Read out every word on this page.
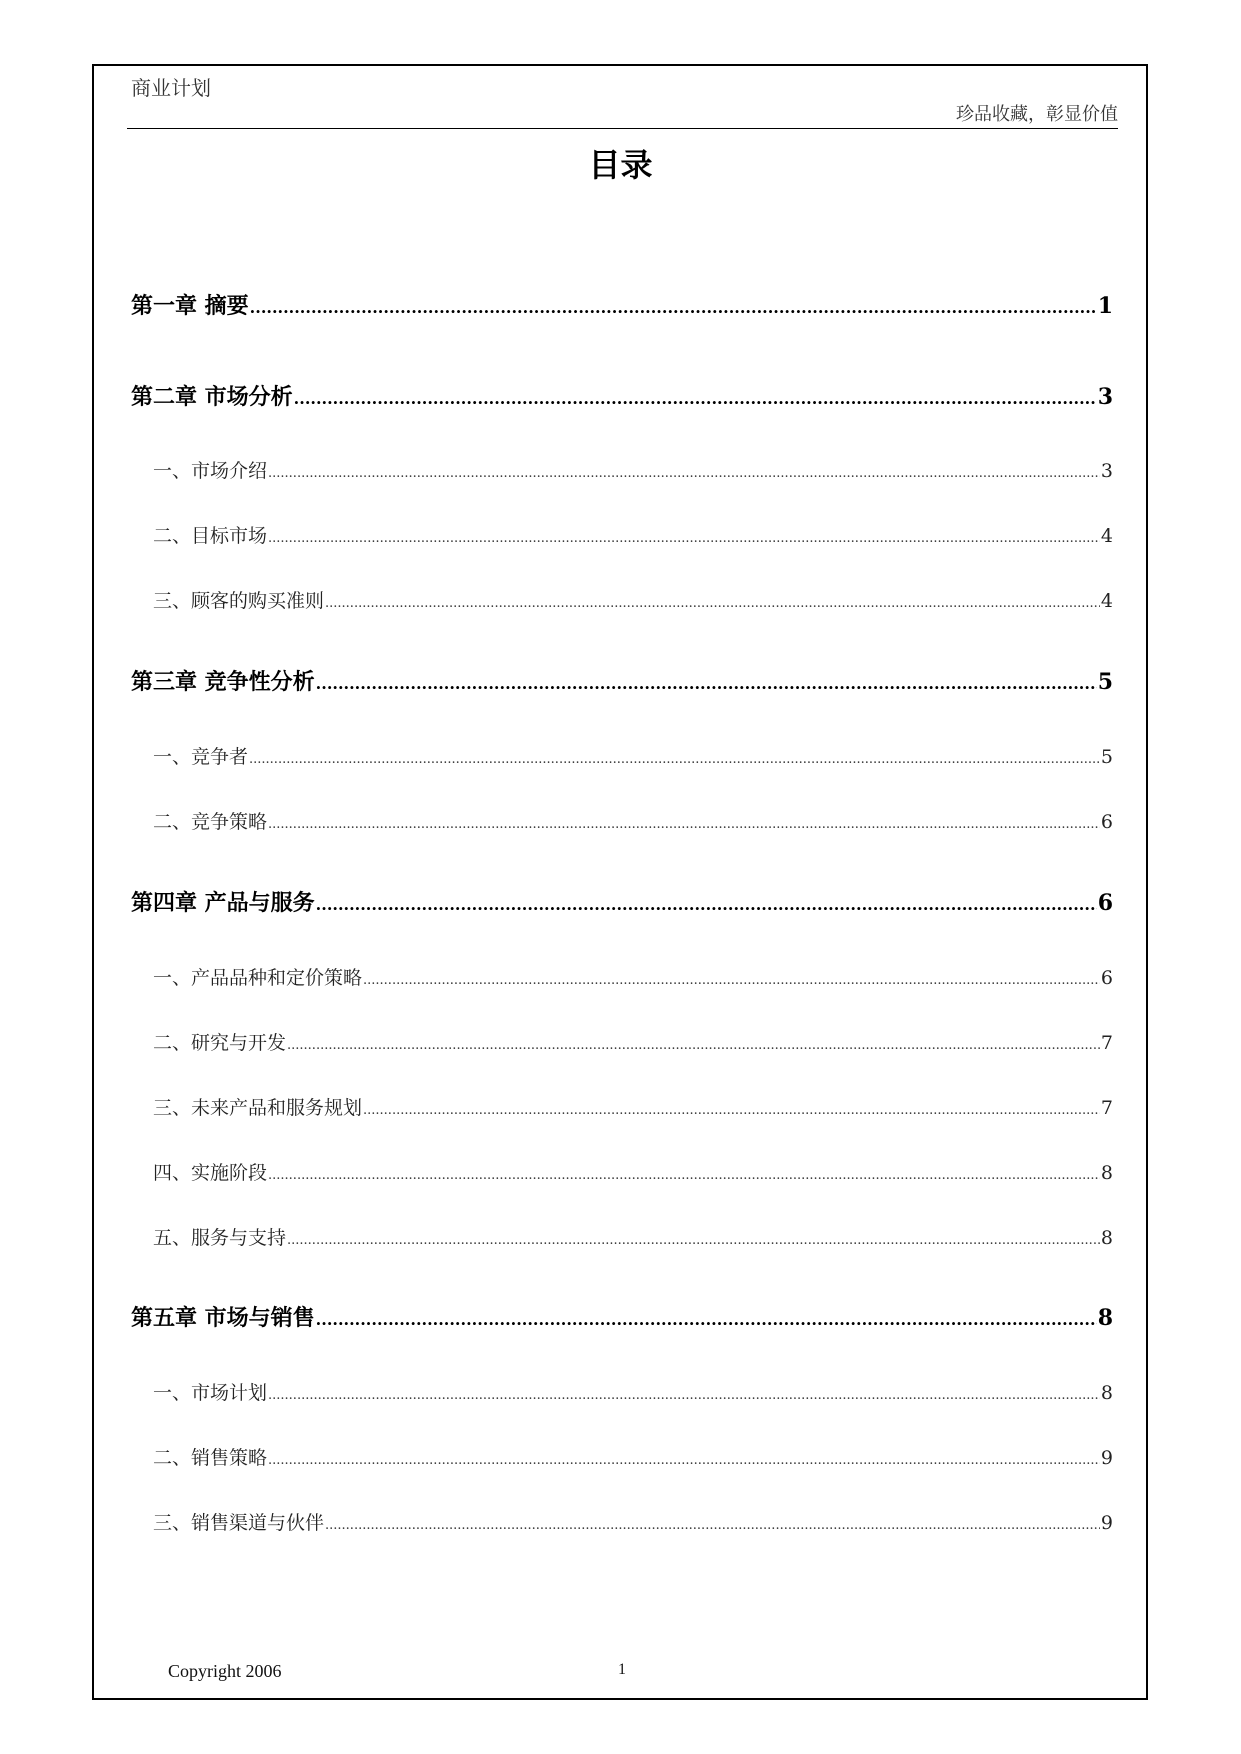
商业计划
珍品收藏，彰显价值
目录
第一章 摘要 .....	1
第二章 市场分析 .....	3
一、市场介绍 .....	3
二、目标市场 .....	4
三、顾客的购买准则 .....	4
第三章 竞争性分析 .....	5
一、竞争者 .....	5
二、竞争策略 .....	6
第四章 产品与服务 .....	6
一、产品品种和定价策略 .....	6
二、研究与开发 .....	7
三、未来产品和服务规划 .....	7
四、实施阶段 .....	8
五、服务与支持 .....	8
第五章 市场与销售 .....	8
一、市场计划 .....	8
二、销售策略 .....	9
三、销售渠道与伙伴 .....	9
Copyright 2006	1
